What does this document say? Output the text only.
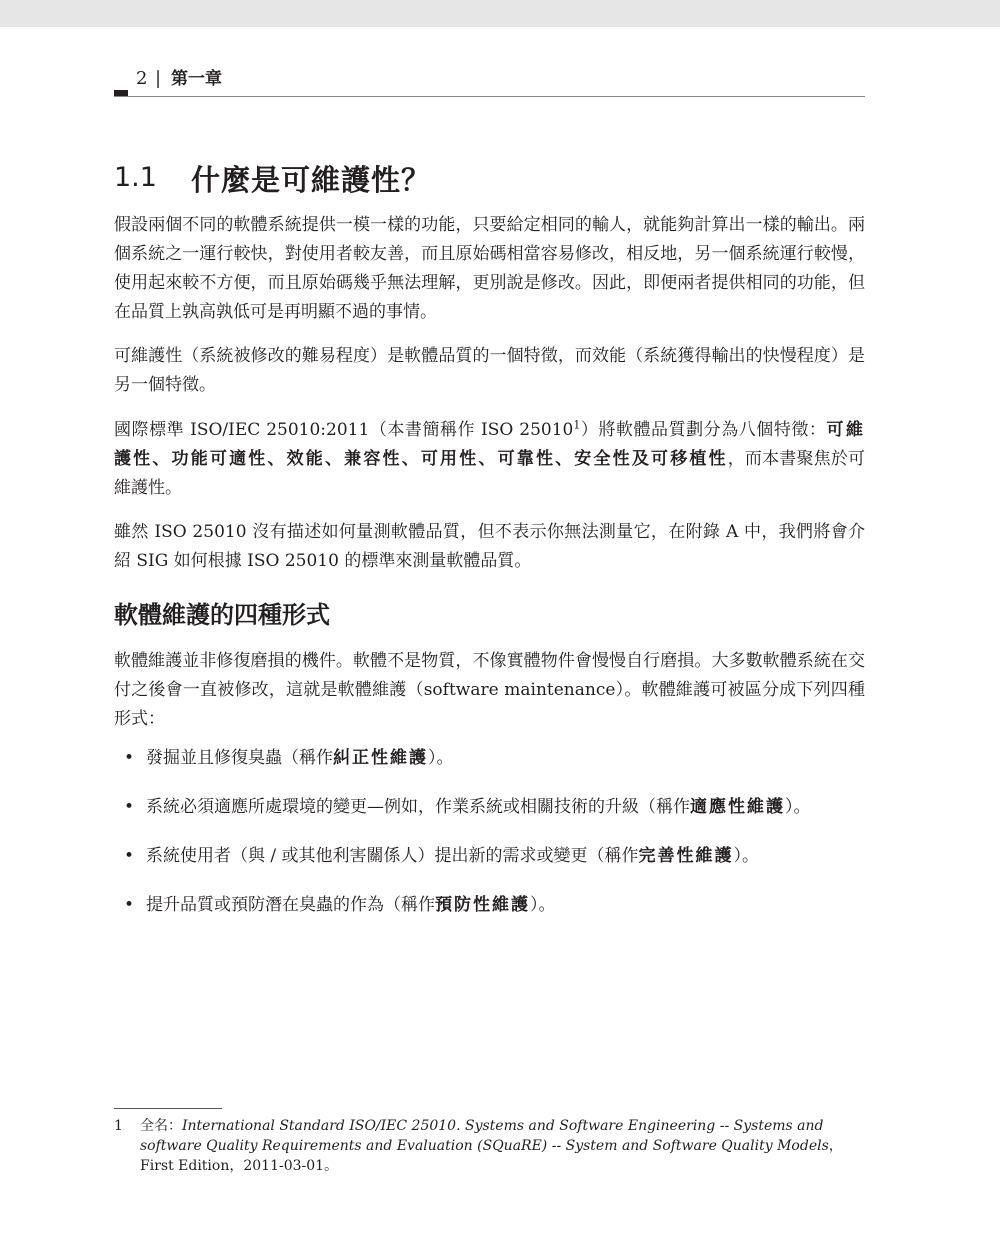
2 | 第一章
1.1 什麼是可維護性？

假設兩個不同的軟體系統提供一模一樣的功能，只要給定相同的輸人，就能夠計算出一樣的輸出。兩個系統之一運行較快，對使用者較友善，而且原始碼相當容易修改，相反地，另一個系統運行較慢，使用起來較不方便，而且原始碼幾乎無法理解，更別說是修改。因此，即便兩者提供相同的功能，但在品質上孰高孰低可是再明顯不過的事情。

可維護性（系統被修改的難易程度）是軟體品質的一個特徵，而效能（系統獲得輸出的快慢程度）是另一個特徵。

國際標準 ISO/IEC 25010:2011（本書簡稱作 ISO 25010$^1$）將軟體品質劃分為八個特徵：可維護性、功能可適性、效能、兼容性、可用性、可靠性、安全性及可移植性，而本書聚焦於可維護性。

雖然 ISO 25010 沒有描述如何量測軟體品質，但不表示你無法測量它，在附錄 A 中，我們將會介紹 SIG 如何根據 ISO 25010 的標準來測量軟體品質。

軟體維護的四種形式

軟體維護並非修復磨損的機件。軟體不是物質，不像實體物件會慢慢自行磨損。大多數軟體系統在交付之後會一直被修改，這就是軟體維護（software maintenance）。軟體維護可被區分成下列四種形式：

• 發掘並且修復臭蟲（稱作糾正性維護）。
• 系統必須適應所處環境的變更—例如，作業系統或相關技術的升級（稱作適應性維護）。
• 系統使用者（與 / 或其他利害關係人）提出新的需求或變更（稱作完善性維護）。
• 提升品質或預防潛在臭蟲的作為（稱作預防性維護）。
1 全名：International Standard ISO/IEC 25010. Systems and Software Engineering -- Systems and software Quality Requirements and Evaluation (SQuaRE) -- System and Software Quality Models，First Edition，2011-03-01。
